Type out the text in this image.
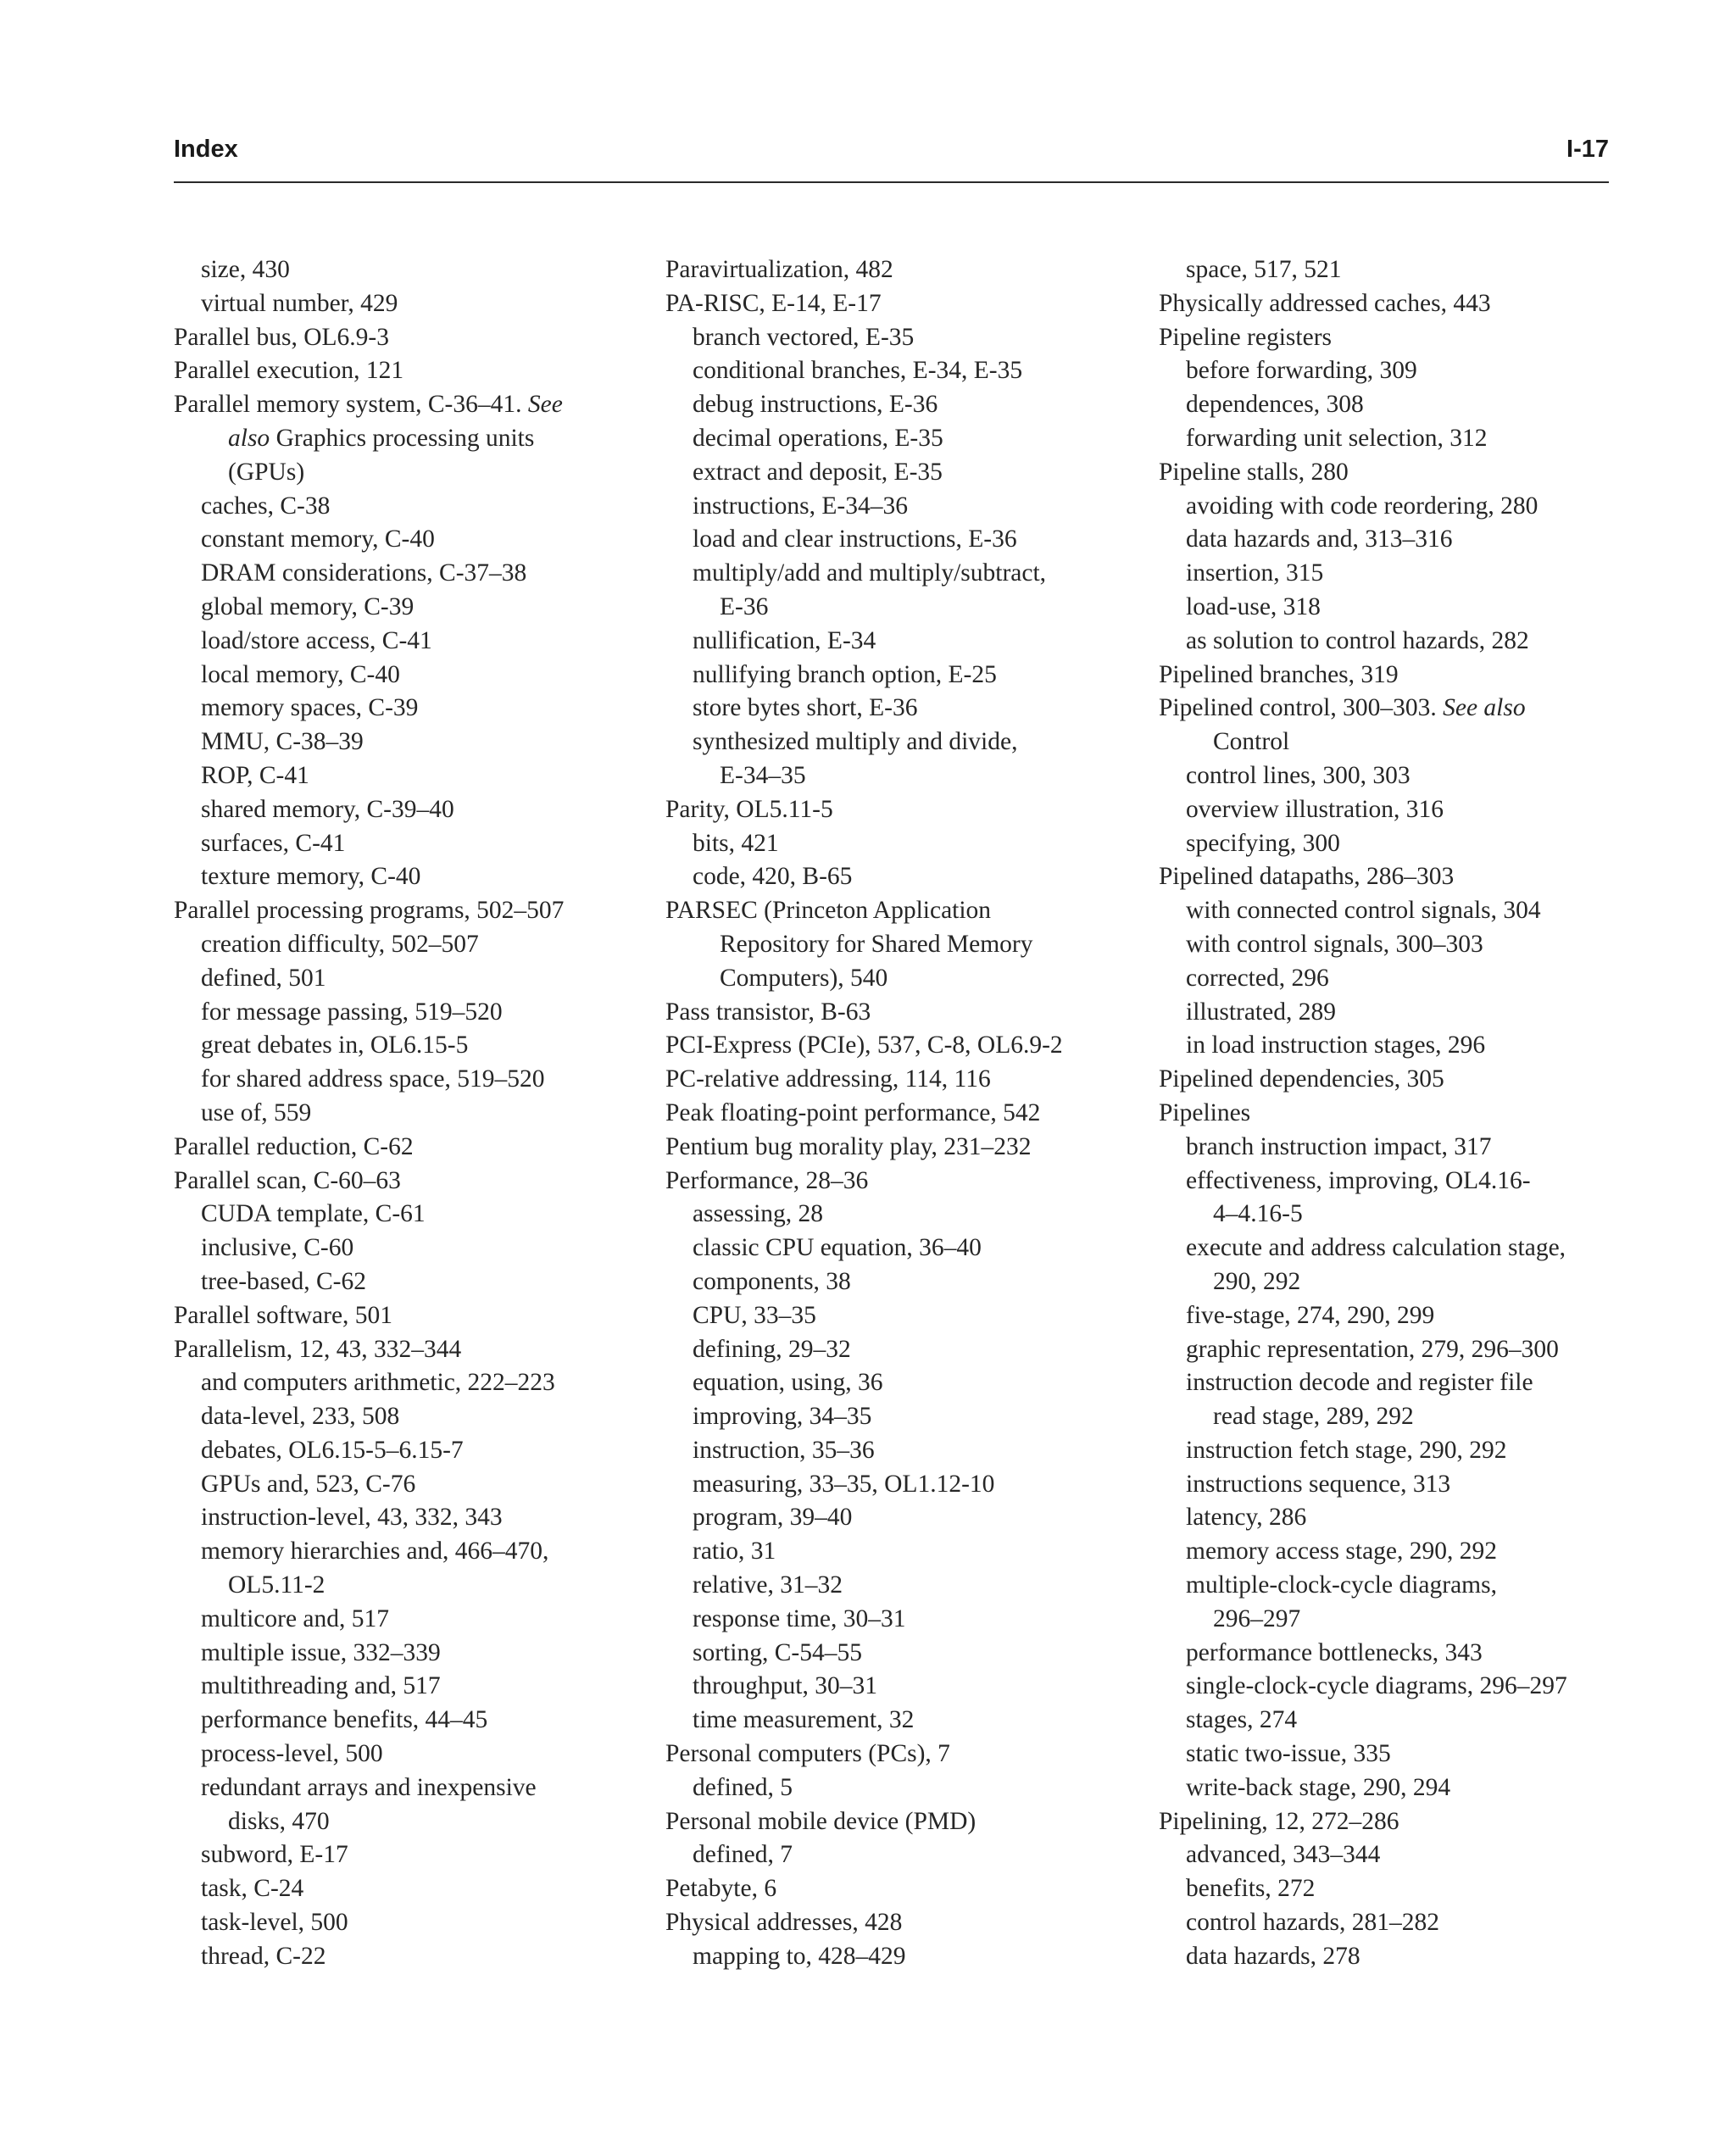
Index	I-17
size, 430
virtual number, 429
Parallel bus, OL6.9-3
Parallel execution, 121
Parallel memory system, C-36–41. See
also Graphics processing units
(GPUs)
caches, C-38
constant memory, C-40
DRAM considerations, C-37–38
global memory, C-39
load/store access, C-41
local memory, C-40
memory spaces, C-39
MMU, C-38–39
ROP, C-41
shared memory, C-39–40
surfaces, C-41
texture memory, C-40
Parallel processing programs, 502–507
creation difficulty, 502–507
defined, 501
for message passing, 519–520
great debates in, OL6.15-5
for shared address space, 519–520
use of, 559
Parallel reduction, C-62
Parallel scan, C-60–63
CUDA template, C-61
inclusive, C-60
tree-based, C-62
Parallel software, 501
Parallelism, 12, 43, 332–344
and computers arithmetic, 222–223
data-level, 233, 508
debates, OL6.15-5–6.15-7
GPUs and, 523, C-76
instruction-level, 43, 332, 343
memory hierarchies and, 466–470,
OL5.11-2
multicore and, 517
multiple issue, 332–339
multithreading and, 517
performance benefits, 44–45
process-level, 500
redundant arrays and inexpensive
disks, 470
subword, E-17
task, C-24
task-level, 500
thread, C-22
Paravirtualization, 482
PA-RISC, E-14, E-17
branch vectored, E-35
conditional branches, E-34, E-35
debug instructions, E-36
decimal operations, E-35
extract and deposit, E-35
instructions, E-34–36
load and clear instructions, E-36
multiply/add and multiply/subtract,
E-36
nullification, E-34
nullifying branch option, E-25
store bytes short, E-36
synthesized multiply and divide,
E-34–35
Parity, OL5.11-5
bits, 421
code, 420, B-65
PARSEC (Princeton Application
Repository for Shared Memory
Computers), 540
Pass transistor, B-63
PCI-Express (PCIe), 537, C-8, OL6.9-2
PC-relative addressing, 114, 116
Peak floating-point performance, 542
Pentium bug morality play, 231–232
Performance, 28–36
assessing, 28
classic CPU equation, 36–40
components, 38
CPU, 33–35
defining, 29–32
equation, using, 36
improving, 34–35
instruction, 35–36
measuring, 33–35, OL1.12-10
program, 39–40
ratio, 31
relative, 31–32
response time, 30–31
sorting, C-54–55
throughput, 30–31
time measurement, 32
Personal computers (PCs), 7
defined, 5
Personal mobile device (PMD)
defined, 7
Petabyte, 6
Physical addresses, 428
mapping to, 428–429
space, 517, 521
Physically addressed caches, 443
Pipeline registers
before forwarding, 309
dependences, 308
forwarding unit selection, 312
Pipeline stalls, 280
avoiding with code reordering, 280
data hazards and, 313–316
insertion, 315
load-use, 318
as solution to control hazards, 282
Pipelined branches, 319
Pipelined control, 300–303. See also
Control
control lines, 300, 303
overview illustration, 316
specifying, 300
Pipelined datapaths, 286–303
with connected control signals, 304
with control signals, 300–303
corrected, 296
illustrated, 289
in load instruction stages, 296
Pipelined dependencies, 305
Pipelines
branch instruction impact, 317
effectiveness, improving, OL4.16-
4–4.16-5
execute and address calculation stage,
290, 292
five-stage, 274, 290, 299
graphic representation, 279, 296–300
instruction decode and register file
read stage, 289, 292
instruction fetch stage, 290, 292
instructions sequence, 313
latency, 286
memory access stage, 290, 292
multiple-clock-cycle diagrams,
296–297
performance bottlenecks, 343
single-clock-cycle diagrams, 296–297
stages, 274
static two-issue, 335
write-back stage, 290, 294
Pipelining, 12, 272–286
advanced, 343–344
benefits, 272
control hazards, 281–282
data hazards, 278
